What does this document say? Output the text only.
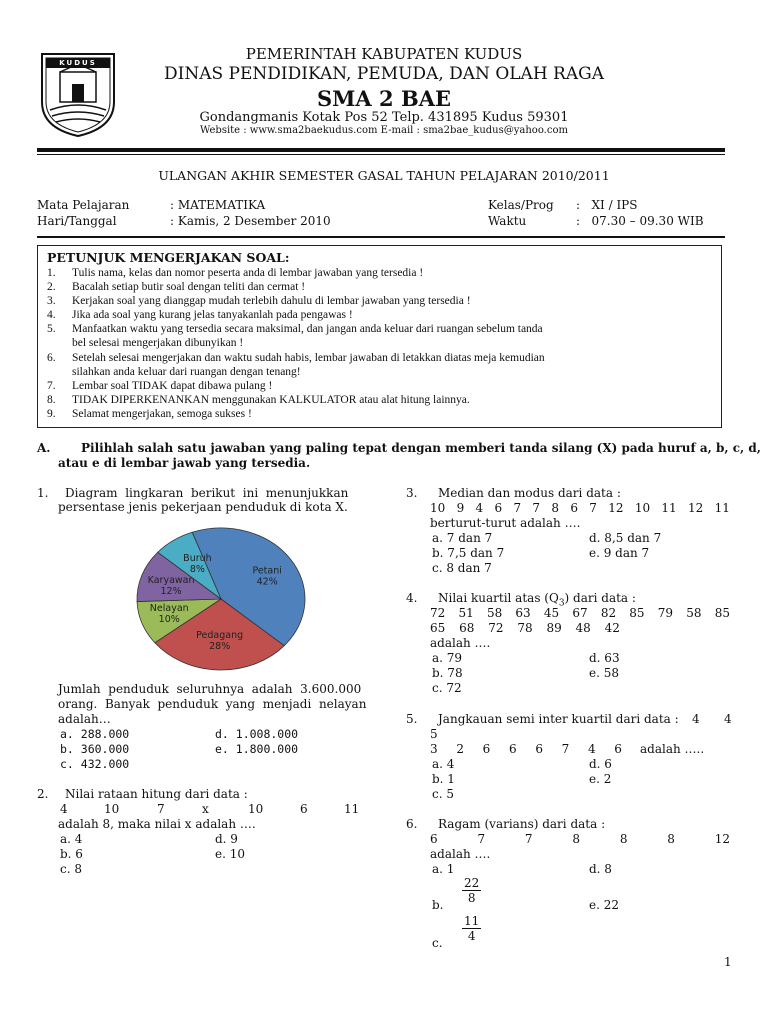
KUDUS	PEMERINTAH KABUPATEN KUDUS
DINAS PENDIDIKAN, PEMUDA, DAN OLAH RAGA
SMA 2 BAE
Gondangmanis Kotak Pos 52 Telp. 431895 Kudus 59301
Website : www.sma2baekudus.com E-mail : sma2bae_kudus@yahoo.com
ULANGAN AKHIR SEMESTER GASAL TAHUN PELAJARAN 2010/2011
Mata Pelajaran	: MATEMATIKA
Hari/Tanggal	: Kamis, 2 Desember 2010
Kelas/Prog :   XI / IPS
Waktu	:   07.30 – 09.30 WIB
PETUNJUK MENGERJAKAN SOAL:
1.	Tulis nama, kelas dan nomor peserta anda di lembar jawaban yang tersedia !
2.	Bacalah setiap butir soal dengan teliti dan cermat !
3.	Kerjakan soal yang dianggap mudah terlebih dahulu di lembar jawaban yang tersedia !
4.	Jika ada soal yang kurang jelas tanyakanlah pada pengawas !
5.	Manfaatkan waktu yang tersedia secara maksimal, dan jangan anda keluar dari ruangan sebelum tanda
bel selesai mengerjakan dibunyikan !
6.	Setelah selesai mengerjakan dan waktu sudah habis, lembar jawaban di letakkan diatas meja kemudian
silahkan anda keluar dari ruangan dengan tenang!
7.	Lembar soal TIDAK dapat dibawa pulang !
8.	TIDAK DIPERKENANKAN menggunakan KALKULATOR atau alat hitung lainnya.
9.	Selamat mengerjakan, semoga sukses !
A.	Pilihlah salah satu jawaban yang paling tepat dengan memberi tanda silang (X) pada huruf a, b, c, d,
atau e di lembar jawab yang tersedia.
1. Diagram  lingkaran  berikut  ini  menunjukkan
persentase jenis pekerjaan penduduk di kota X.
Petani
42%
Pedagang
28%
Nelayan
10%
Karyawan
12%
Buruh
8%
Jumlah  penduduk  seluruhnya  adalah  3.600.000
orang.  Banyak  penduduk  yang  menjadi  nelayan
adalah…
a. 288.000
b. 360.000
c. 432.000
d. 1.008.000
e. 1.800.000
2. Nilai rataan hitung dari data :
4	10	7	x	10	6	11
adalah 8, maka nilai x adalah ….
a. 4
b. 6
c. 8
d. 9
e. 10
3. Median dan modus dari data :
10 9 4 6 7 7 8 6 7 12 10 11 12 11
berturut-turut adalah ….
a. 7 dan 7
b. 7,5 dan 7
c. 8 dan 7
d. 8,5 dan 7
e. 9 dan 7
4. Nilai kuartil atas $(Q_3)$ dari data :
72 51 58 63 45 67 82 85 79 58 85
65 68 72 78 89 48 42
adalah ….
a. 79
b. 78
c. 72
d. 63
e. 58
5. Jangkauan semi inter kuartil dari data : 4 4
5
3 2 6 6 6 7 4 6 adalah …..
a. 4
b. 1
c. 5
d. 6
e. 2
6. Ragam (varians) dari data :
6	7	7	8	8	8	12
adalah ….
a. 1
b. $\frac{22}{8}$
c. $\frac{11}{4}$
d. 8
e. 22
1
